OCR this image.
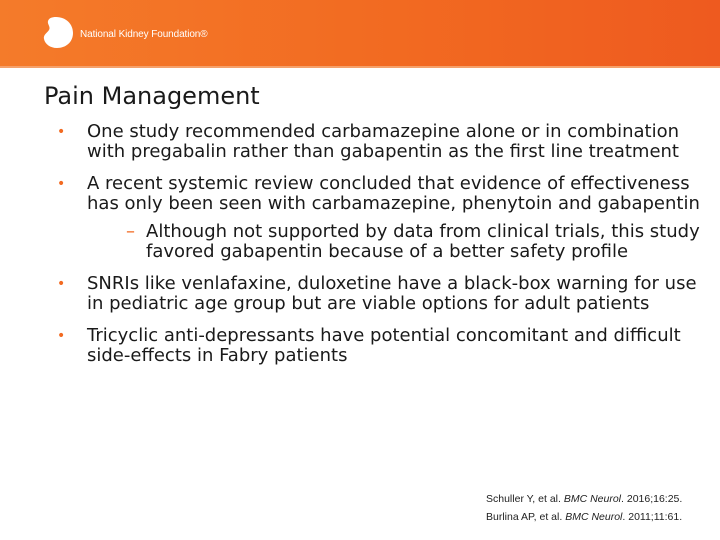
National Kidney Foundation®
Pain Management
• One study recommended carbamazepine alone or in combination with pregabalin rather than gabapentin as the first line treatment
• A recent systemic review concluded that evidence of effectiveness has only been seen with carbamazepine, phenytoin and gabapentin
– Although not supported by data from clinical trials, this study favored gabapentin because of a better safety profile
• SNRIs like venlafaxine, duloxetine have a black-box warning for use in pediatric age group but are viable options for adult patients
• Tricyclic anti-depressants have potential concomitant and difficult side-effects in Fabry patients
Schuller Y, et al. BMC Neurol. 2016;16:25.
Burlina AP, et al. BMC Neurol. 2011;11:61.
